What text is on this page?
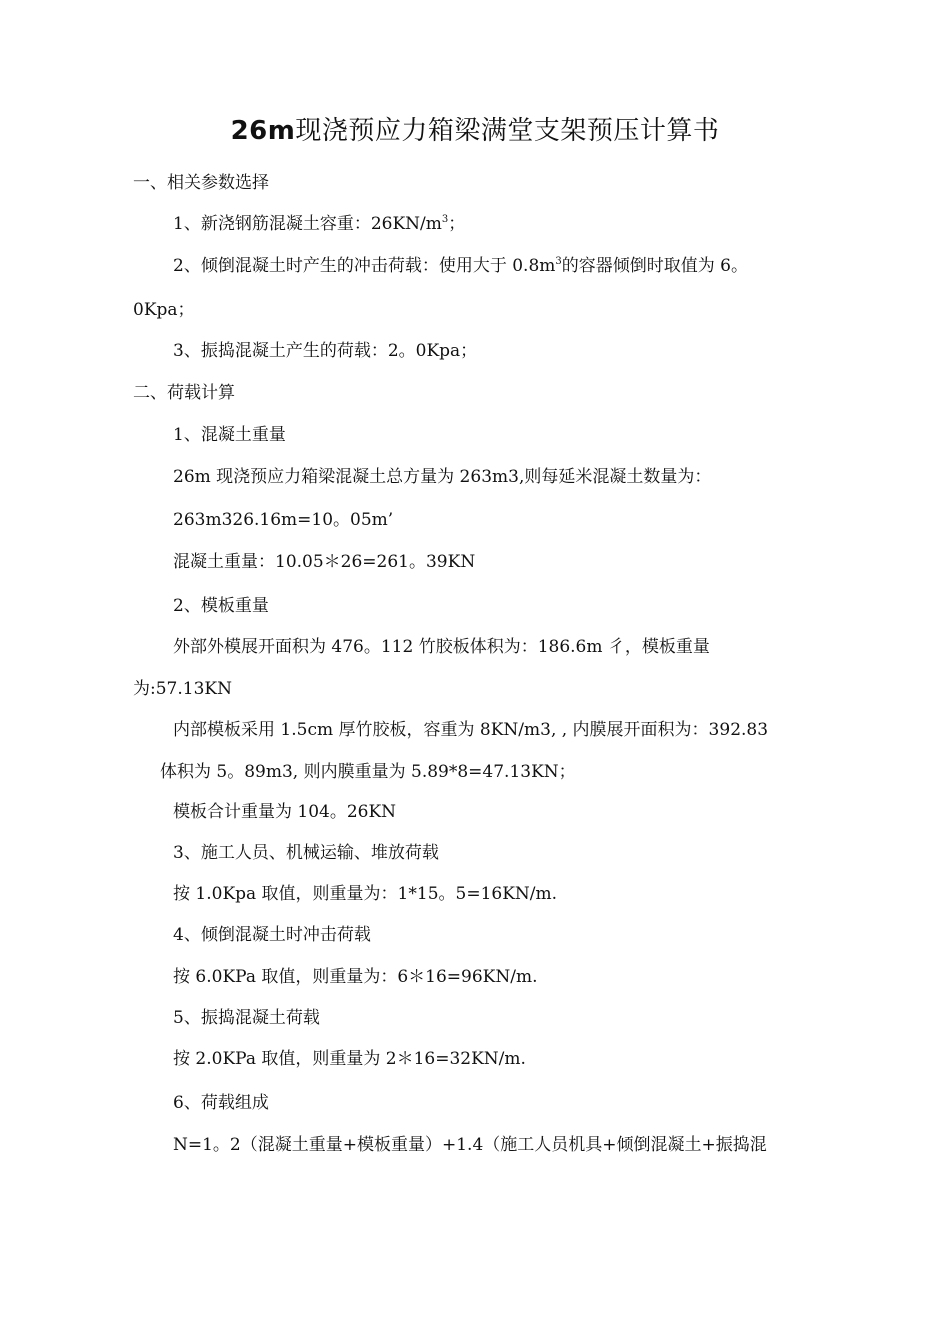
26m现浇预应力箱梁满堂支架预压计算书
一、相关参数选择
1、新浇钢筋混凝土容重：$26KN/m^3$；
2、倾倒混凝土时产生的冲击荷载：使用大于 $0.8m^3$的容器倾倒时取值为 6。
0Kpa；
3、振捣混凝土产生的荷载：2。0Kpa；
二、荷载计算
1、混凝土重量
26m 现浇预应力箱梁混凝土总方量为 263m3,则每延米混凝土数量为：
263m326.16m=10。05m’
混凝土重量：10.05＊26=261。39KN
2、模板重量
外部外模展开面积为 476。112 竹胶板体积为：186.6m 彳，模板重量
为:57.13KN
内部模板采用 1.5cm 厚竹胶板，容重为 8KN/m3, , 内膜展开面积为：392.83
体积为 5。89m3, 则内膜重量为 5.89*8=47.13KN；
模板合计重量为 104。26KN
3、施工人员、机械运输、堆放荷载
按 1.0Kpa 取值，则重量为：1*15。5=16KN/m.
4、倾倒混凝土时冲击荷载
按 6.0KPa 取值，则重量为：6＊16=96KN/m.
5、振捣混凝土荷载
按 2.0KPa 取值，则重量为 2＊16=32KN/m.
6、荷载组成
N=1。2（混凝土重量+模板重量）+1.4（施工人员机具+倾倒混凝土+振捣混
